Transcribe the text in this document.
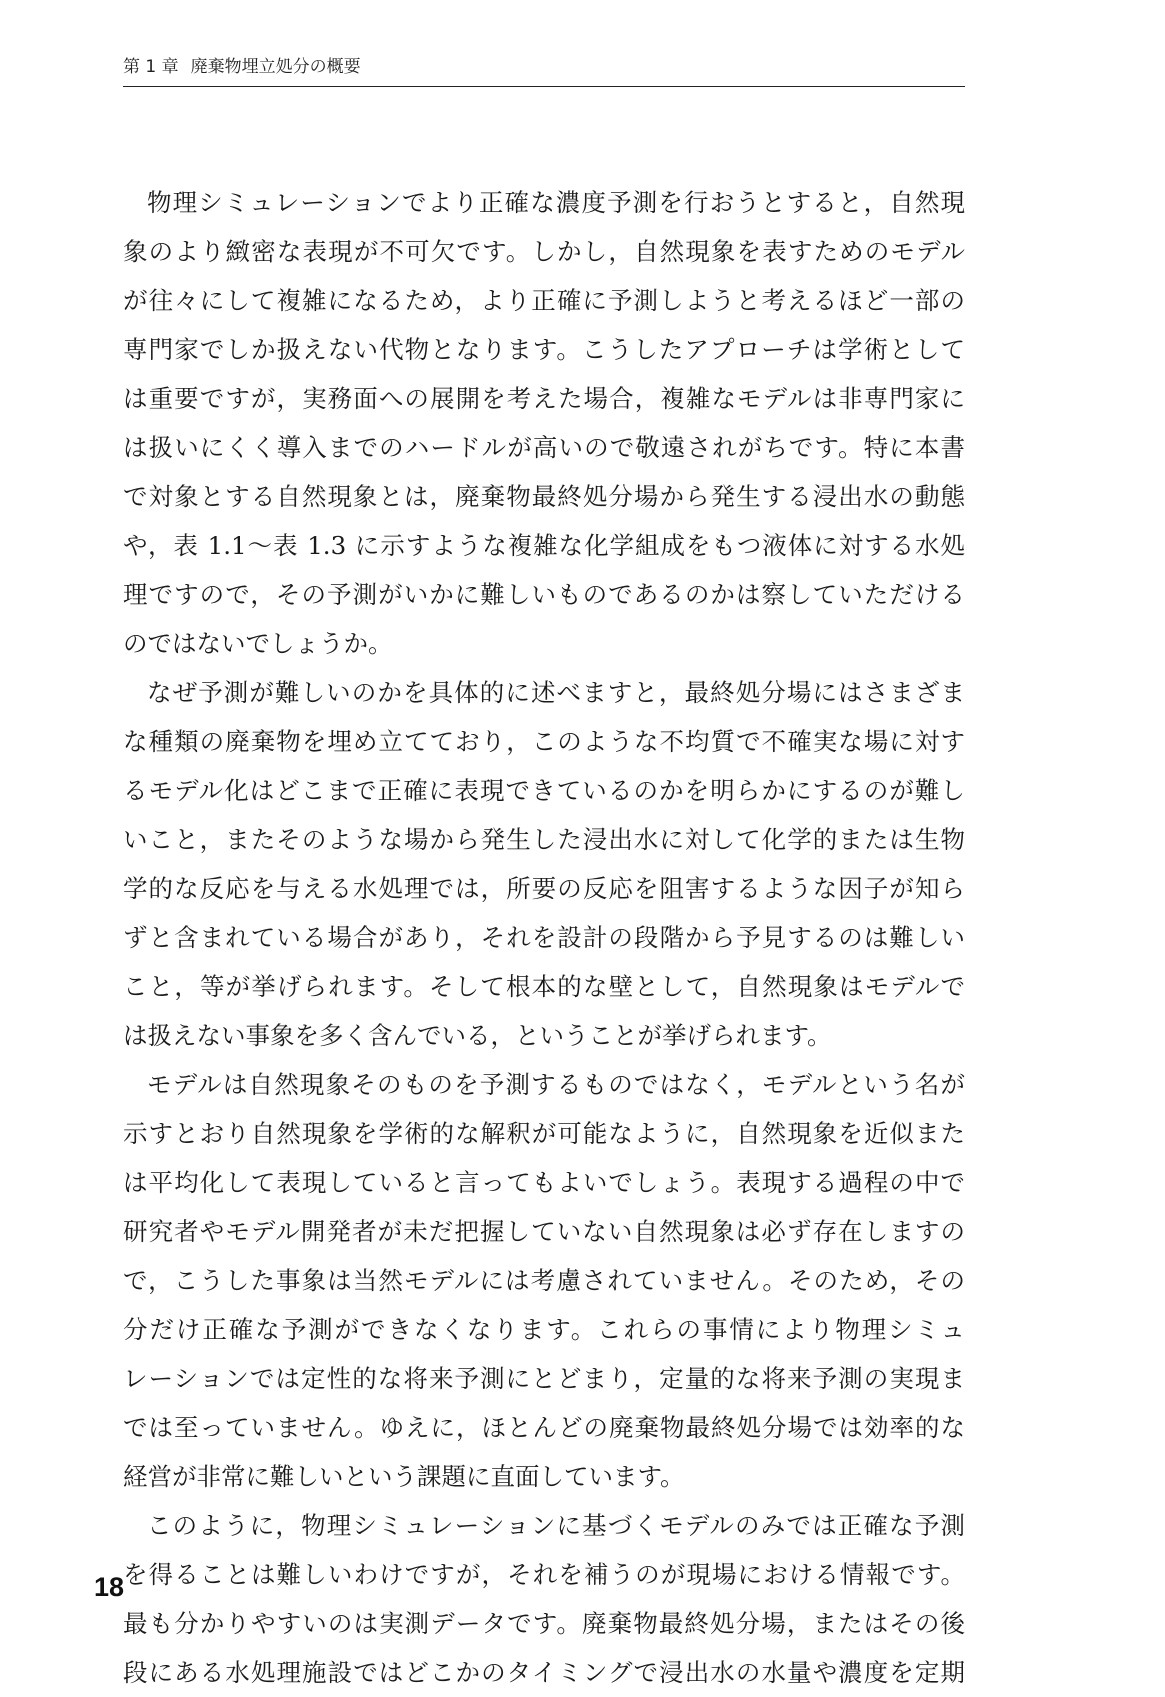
第 1 章 廃棄物埋立処分の概要
物理シミュレーションでより正確な濃度予測を行おうとすると，自然現
象のより緻密な表現が不可欠です。しかし，自然現象を表すためのモデル
が往々にして複雑になるため，より正確に予測しようと考えるほど一部の
専門家でしか扱えない代物となります。こうしたアプローチは学術として
は重要ですが，実務面への展開を考えた場合，複雑なモデルは非専門家に
は扱いにくく導入までのハードルが高いので敬遠されがちです。特に本書
で対象とする自然現象とは，廃棄物最終処分場から発生する浸出水の動態
や，表 1.1～表 1.3 に示すような複雑な化学組成をもつ液体に対する水処
理ですので，その予測がいかに難しいものであるのかは察していただける
のではないでしょうか。
なぜ予測が難しいのかを具体的に述べますと，最終処分場にはさまざま
な種類の廃棄物を埋め立てており，このような不均質で不確実な場に対す
るモデル化はどこまで正確に表現できているのかを明らかにするのが難し
いこと，またそのような場から発生した浸出水に対して化学的または生物
学的な反応を与える水処理では，所要の反応を阻害するような因子が知ら
ずと含まれている場合があり，それを設計の段階から予見するのは難しい
こと，等が挙げられます。そして根本的な壁として，自然現象はモデルで
は扱えない事象を多く含んでいる，ということが挙げられます。
モデルは自然現象そのものを予測するものではなく，モデルという名が
示すとおり自然現象を学術的な解釈が可能なように，自然現象を近似また
は平均化して表現していると言ってもよいでしょう。表現する過程の中で
研究者やモデル開発者が未だ把握していない自然現象は必ず存在しますの
で，こうした事象は当然モデルには考慮されていません。そのため，その
分だけ正確な予測ができなくなります。これらの事情により物理シミュ
レーションでは定性的な将来予測にとどまり，定量的な将来予測の実現ま
では至っていません。ゆえに，ほとんどの廃棄物最終処分場では効率的な
経営が非常に難しいという課題に直面しています。
このように，物理シミュレーションに基づくモデルのみでは正確な予測
を得ることは難しいわけですが，それを補うのが現場における情報です。
最も分かりやすいのは実測データです。廃棄物最終処分場，またはその後
段にある水処理施設ではどこかのタイミングで浸出水の水量や濃度を定期
18
